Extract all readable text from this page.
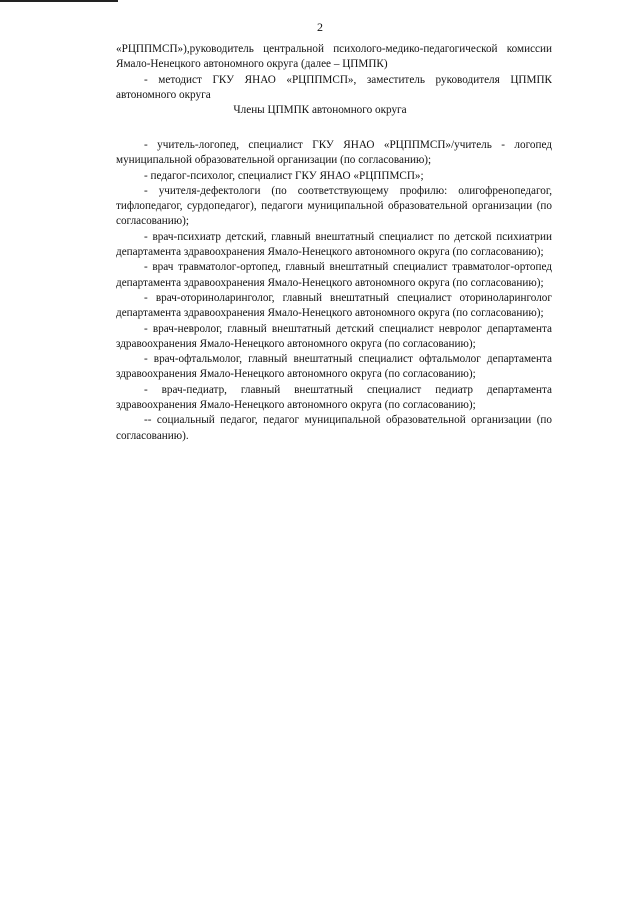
2

«РЦППМСП»),руководитель центральной психолого-медико-педагогической комиссии Ямало-Ненецкого автономного округа (далее – ЦПМПК)

- методист ГКУ ЯНАО «РЦППМСП», заместитель руководителя ЦПМПК автономного округа

Члены ЦПМПК автономного округа

- учитель-логопед, специалист ГКУ ЯНАО «РЦППМСП»/учитель - логопед муниципальной образовательной организации (по согласованию);

- педагог-психолог, специалист ГКУ ЯНАО «РЦППМСП»;

- учителя-дефектологи (по соответствующему профилю: олигофренопедагог, тифлопедагог, сурдопедагог), педагоги муниципальной образовательной организации (по согласованию);

- врач-психиатр детский, главный внештатный специалист по детской психиатрии департамента здравоохранения Ямало-Ненецкого автономного округа (по согласованию);

- врач травматолог-ортопед, главный внештатный специалист травматолог-ортопед департамента здравоохранения Ямало-Ненецкого автономного округа (по согласованию);

- врач-оториноларинголог, главный внештатный специалист оториноларинголог департамента здравоохранения Ямало-Ненецкого автономного округа (по согласованию);

- врач-невролог, главный внештатный детский специалист невролог департамента здравоохранения Ямало-Ненецкого автономного округа (по согласованию);

- врач-офтальмолог, главный внештатный специалист офтальмолог департамента здравоохранения Ямало-Ненецкого автономного округа (по согласованию);

- врач-педиатр, главный внештатный специалист педиатр департамента здравоохранения Ямало-Ненецкого автономного округа (по согласованию);

-- социальный педагог, педагог муниципальной образовательной организации (по согласованию).
